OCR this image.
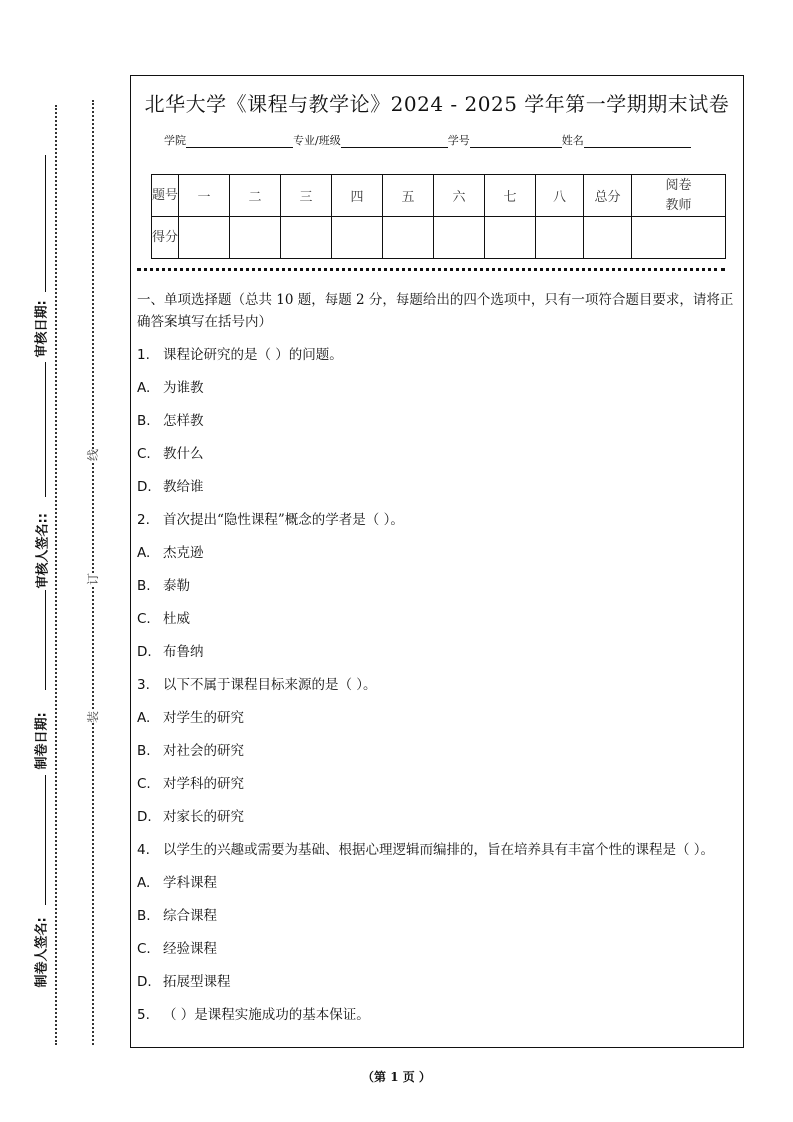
审核日期:
审核人签名::
制卷日期:
制卷人签名:
线
订
装
北华大学《课程与教学论》2024 - 2025 学年第一学期期末试卷
学院	专业/班级	学号	姓名
题号	一	二	三	四	五	六	七	八	总分	阅卷教师
得分										
一、单项选择题（总共 10 题，每题 2 分，每题给出的四个选项中，只有一项符合题目要求，请将正确答案填写在括号内）
1. 课程论研究的是（ ）的问题。
A. 为谁教
B. 怎样教
C. 教什么
D. 教给谁
2. 首次提出“隐性课程”概念的学者是（ ）。
A. 杰克逊
B. 泰勒
C. 杜威
D. 布鲁纳
3. 以下不属于课程目标来源的是（ ）。
A. 对学生的研究
B. 对社会的研究
C. 对学科的研究
D. 对家长的研究
4. 以学生的兴趣或需要为基础、根据心理逻辑而编排的，旨在培养具有丰富个性的课程是（ ）。
A. 学科课程
B. 综合课程
C. 经验课程
D. 拓展型课程
5. （ ）是课程实施成功的基本保证。
（第 1 页 ）
